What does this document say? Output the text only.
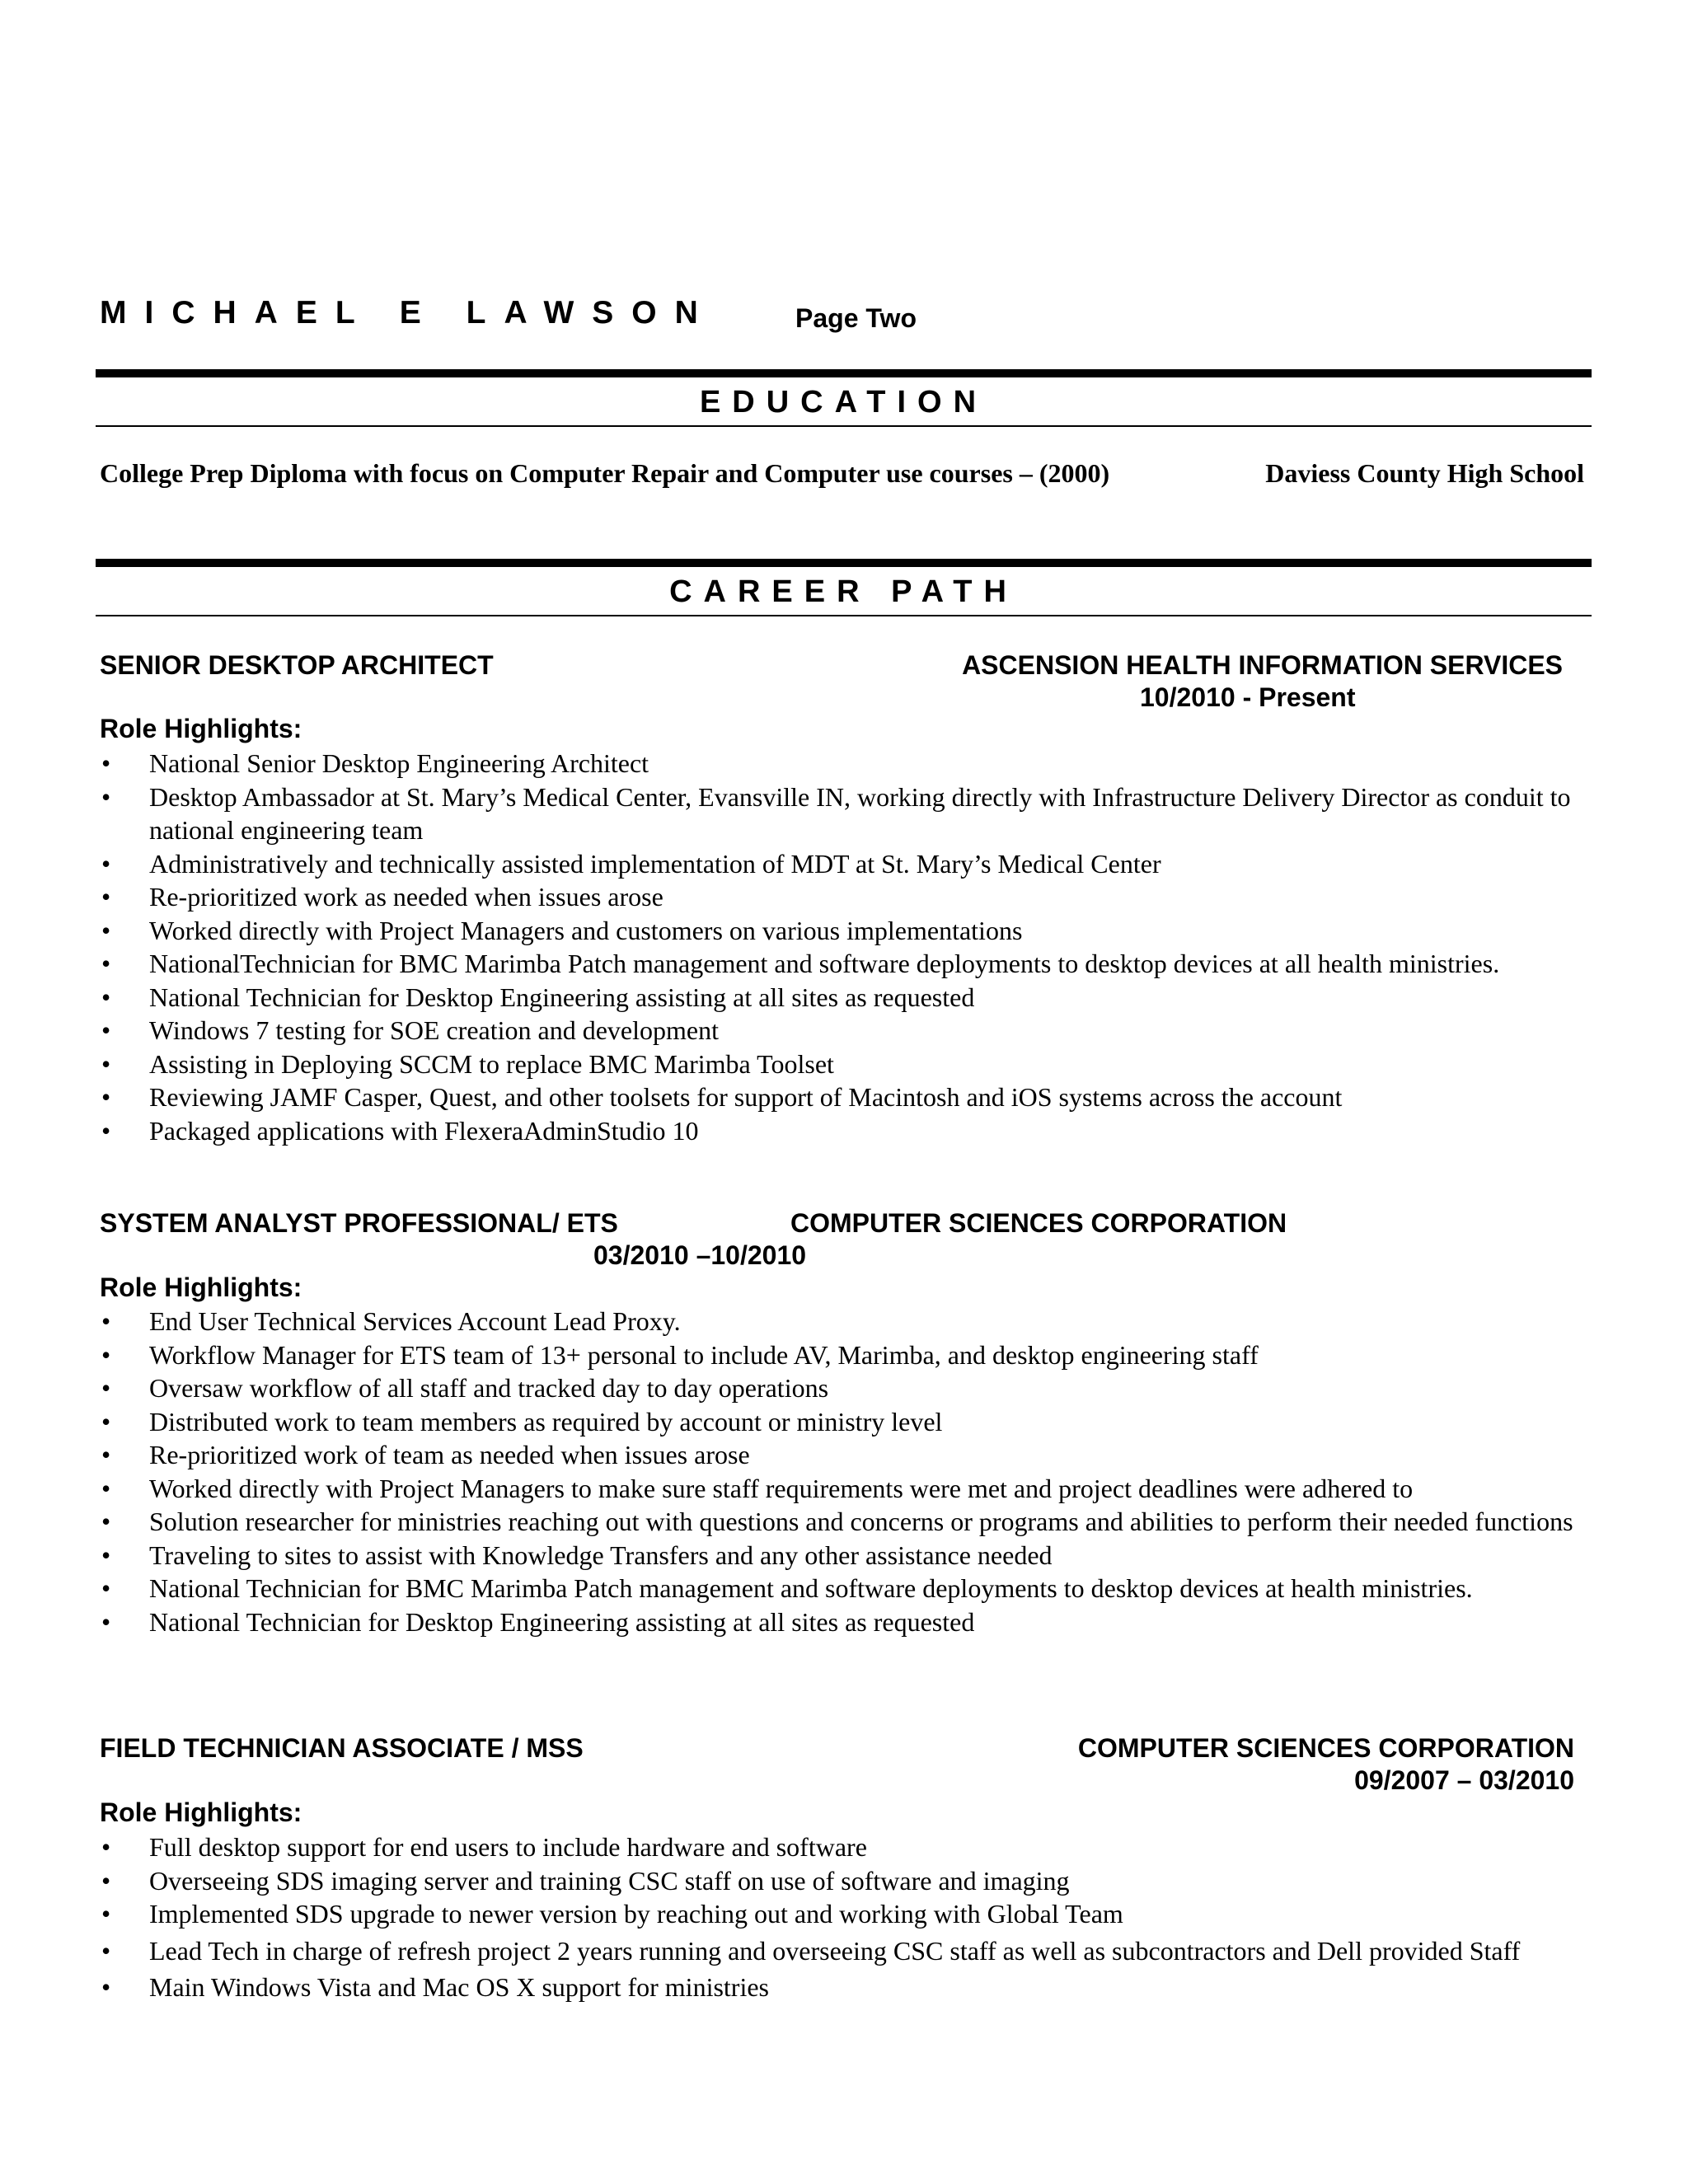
MICHAEL E LAWSON	Page Two
EDUCATION
College Prep Diploma with focus on Computer Repair and Computer use courses – (2000)	Daviess County High School
CAREER PATH
SENIOR DESKTOP ARCHITECT	ASCENSION HEALTH INFORMATION SERVICES
10/2010 - Present
Role Highlights:
• National Senior Desktop Engineering Architect
• Desktop Ambassador at St. Mary’s Medical Center, Evansville IN, working directly with Infrastructure Delivery Director as conduit to national engineering team
• Administratively and technically assisted implementation of MDT at St. Mary’s Medical Center
• Re-prioritized work as needed when issues arose
• Worked directly with Project Managers and customers on various implementations
• NationalTechnician for BMC Marimba Patch management and software deployments to desktop devices at all health ministries.
• National Technician for Desktop Engineering assisting at all sites as requested
• Windows 7 testing for SOE creation and development
• Assisting in Deploying SCCM to replace BMC Marimba Toolset
• Reviewing JAMF Casper, Quest, and other toolsets for support of Macintosh and iOS systems across the account
• Packaged applications with FlexeraAdminStudio 10
SYSTEM ANALYST PROFESSIONAL/ ETS	COMPUTER SCIENCES CORPORATION
03/2010 –10/2010
Role Highlights:
• End User Technical Services Account Lead Proxy.
• Workflow Manager for ETS team of 13+ personal to include AV, Marimba, and desktop engineering staff
• Oversaw workflow of all staff and tracked day to day operations
• Distributed work to team members as required by account or ministry level
• Re-prioritized work of team as needed when issues arose
• Worked directly with Project Managers to make sure staff requirements were met and project deadlines were adhered to
• Solution researcher for ministries reaching out with questions and concerns or programs and abilities to perform their needed functions
• Traveling to sites to assist with Knowledge Transfers and any other assistance needed
• National Technician for BMC Marimba Patch management and software deployments to desktop devices at health ministries.
• National Technician for Desktop Engineering assisting at all sites as requested
FIELD TECHNICIAN ASSOCIATE / MSS	COMPUTER SCIENCES CORPORATION
09/2007 – 03/2010
Role Highlights:
• Full desktop support for end users to include hardware and software
• Overseeing SDS imaging server and training CSC staff on use of software and imaging
• Implemented SDS upgrade to newer version by reaching out and working with Global Team
• Lead Tech in charge of refresh project 2 years running and overseeing CSC staff as well as subcontractors and Dell provided Staff
• Main Windows Vista and Mac OS X support for ministries
